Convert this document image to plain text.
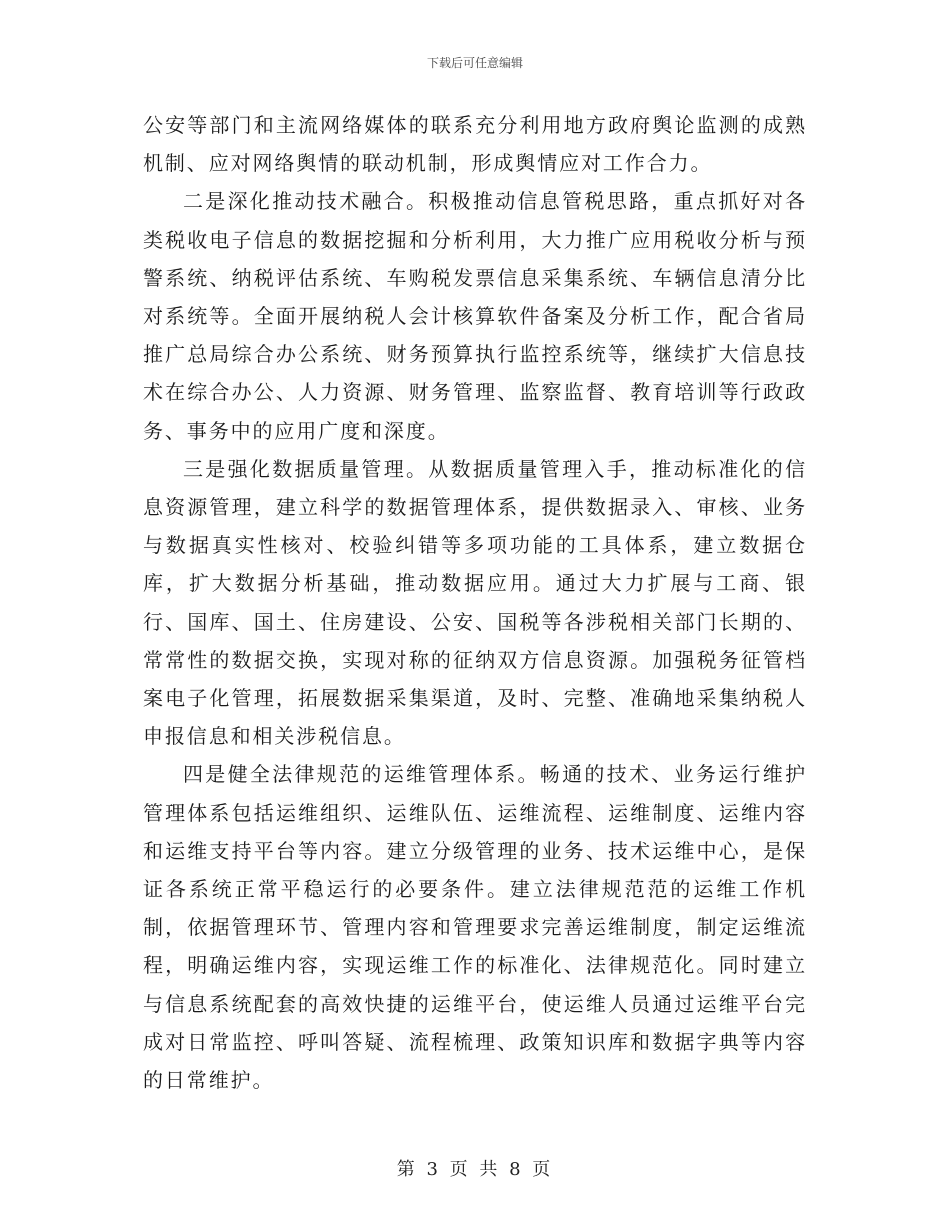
下载后可任意编辑

公安等部门和主流网络媒体的联系充分利用地方政府舆论监测的成熟机制、应对网络舆情的联动机制，形成舆情应对工作合力。

二是深化推动技术融合。积极推动信息管税思路，重点抓好对各类税收电子信息的数据挖掘和分析利用，大力推广应用税收分析与预警系统、纳税评估系统、车购税发票信息采集系统、车辆信息清分比对系统等。全面开展纳税人会计核算软件备案及分析工作，配合省局推广总局综合办公系统、财务预算执行监控系统等，继续扩大信息技术在综合办公、人力资源、财务管理、监察监督、教育培训等行政政务、事务中的应用广度和深度。

三是强化数据质量管理。从数据质量管理入手，推动标准化的信息资源管理，建立科学的数据管理体系，提供数据录入、审核、业务与数据真实性核对、校验纠错等多项功能的工具体系，建立数据仓库，扩大数据分析基础，推动数据应用。通过大力扩展与工商、银行、国库、国土、住房建设、公安、国税等各涉税相关部门长期的、常常性的数据交换，实现对称的征纳双方信息资源。加强税务征管档案电子化管理，拓展数据采集渠道，及时、完整、准确地采集纳税人申报信息和相关涉税信息。

四是健全法律规范的运维管理体系。畅通的技术、业务运行维护管理体系包括运维组织、运维队伍、运维流程、运维制度、运维内容和运维支持平台等内容。建立分级管理的业务、技术运维中心，是保证各系统正常平稳运行的必要条件。建立法律规范范的运维工作机制，依据管理环节、管理内容和管理要求完善运维制度，制定运维流程，明确运维内容，实现运维工作的标准化、法律规范化。同时建立与信息系统配套的高效快捷的运维平台，使运维人员通过运维平台完成对日常监控、呼叫答疑、流程梳理、政策知识库和数据字典等内容的日常维护。

第 3 页 共 8 页
